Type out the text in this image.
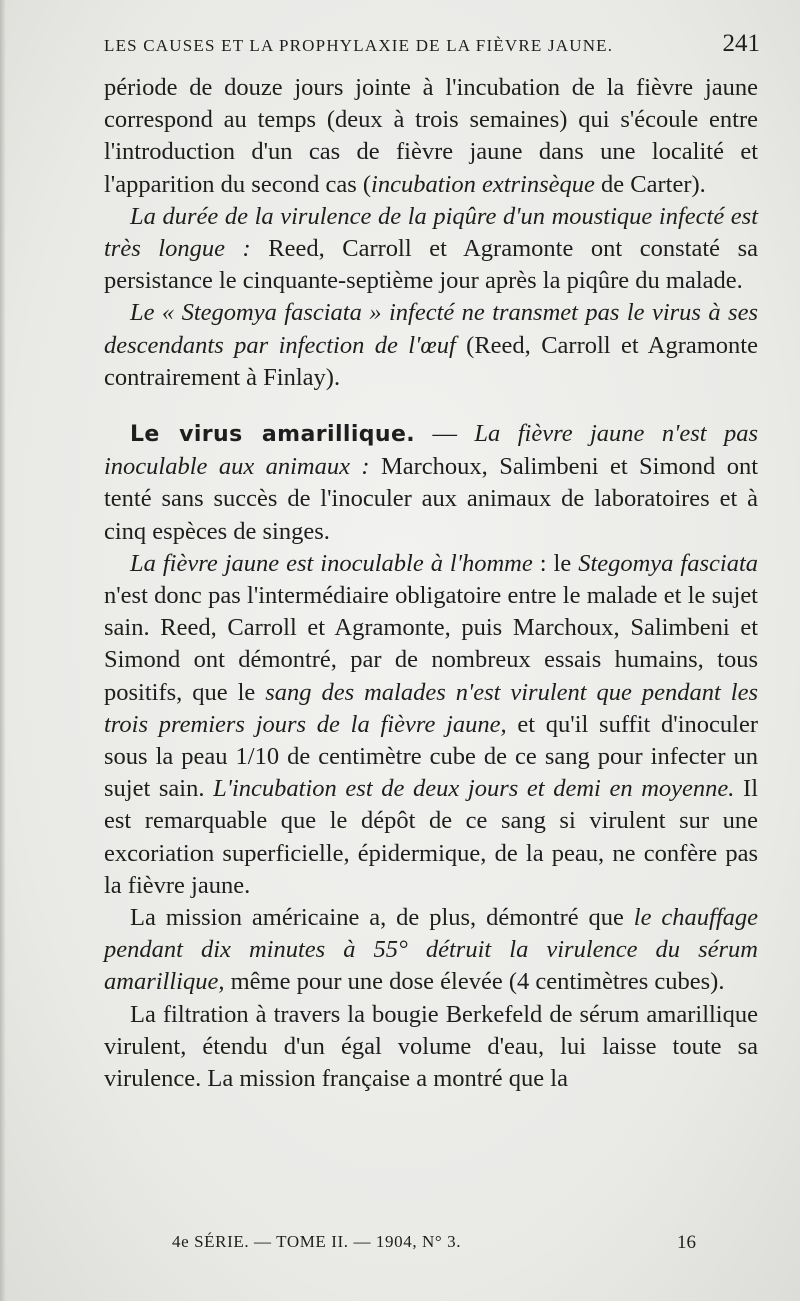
LES CAUSES ET LA PROPHYLAXIE DE LA FIÈVRE JAUNE.	241

période de douze jours jointe à l'incubation de la fièvre jaune correspond au temps (deux à trois semaines) qui s'écoule entre l'introduction d'un cas de fièvre jaune dans une localité et l'apparition du second cas (incubation extrinsèque de Carter).

La durée de la virulence de la piqûre d'un moustique infecté est très longue : Reed, Carroll et Agramonte ont constaté sa persistance le cinquante-septième jour après la piqûre du malade.

Le « Stegomya fasciata » infecté ne transmet pas le virus à ses descendants par infection de l'œuf (Reed, Carroll et Agramonte contrairement à Finlay).

Le virus amarillique. — La fièvre jaune n'est pas inoculable aux animaux : Marchoux, Salimbeni et Simond ont tenté sans succès de l'inoculer aux animaux de laboratoires et à cinq espèces de singes.

La fièvre jaune est inoculable à l'homme : le Stegomya fasciata n'est donc pas l'intermédiaire obligatoire entre le malade et le sujet sain. Reed, Carroll et Agramonte, puis Marchoux, Salimbeni et Simond ont démontré, par de nombreux essais humains, tous positifs, que le sang des malades n'est virulent que pendant les trois premiers jours de la fièvre jaune, et qu'il suffit d'inoculer sous la peau 1/10 de centimètre cube de ce sang pour infecter un sujet sain. L'incubation est de deux jours et demi en moyenne. Il est remarquable que le dépôt de ce sang si virulent sur une excoriation superficielle, épidermique, de la peau, ne confère pas la fièvre jaune.

La mission américaine a, de plus, démontré que le chauffage pendant dix minutes à 55° détruit la virulence du sérum amarillique, même pour une dose élevée (4 centimètres cubes).

La filtration à travers la bougie Berkefeld de sérum amarillique virulent, étendu d'un égal volume d'eau, lui laisse toute sa virulence. La mission française a montré que la

4e SÉRIE. — TOME II. — 1904, N° 3.	16
